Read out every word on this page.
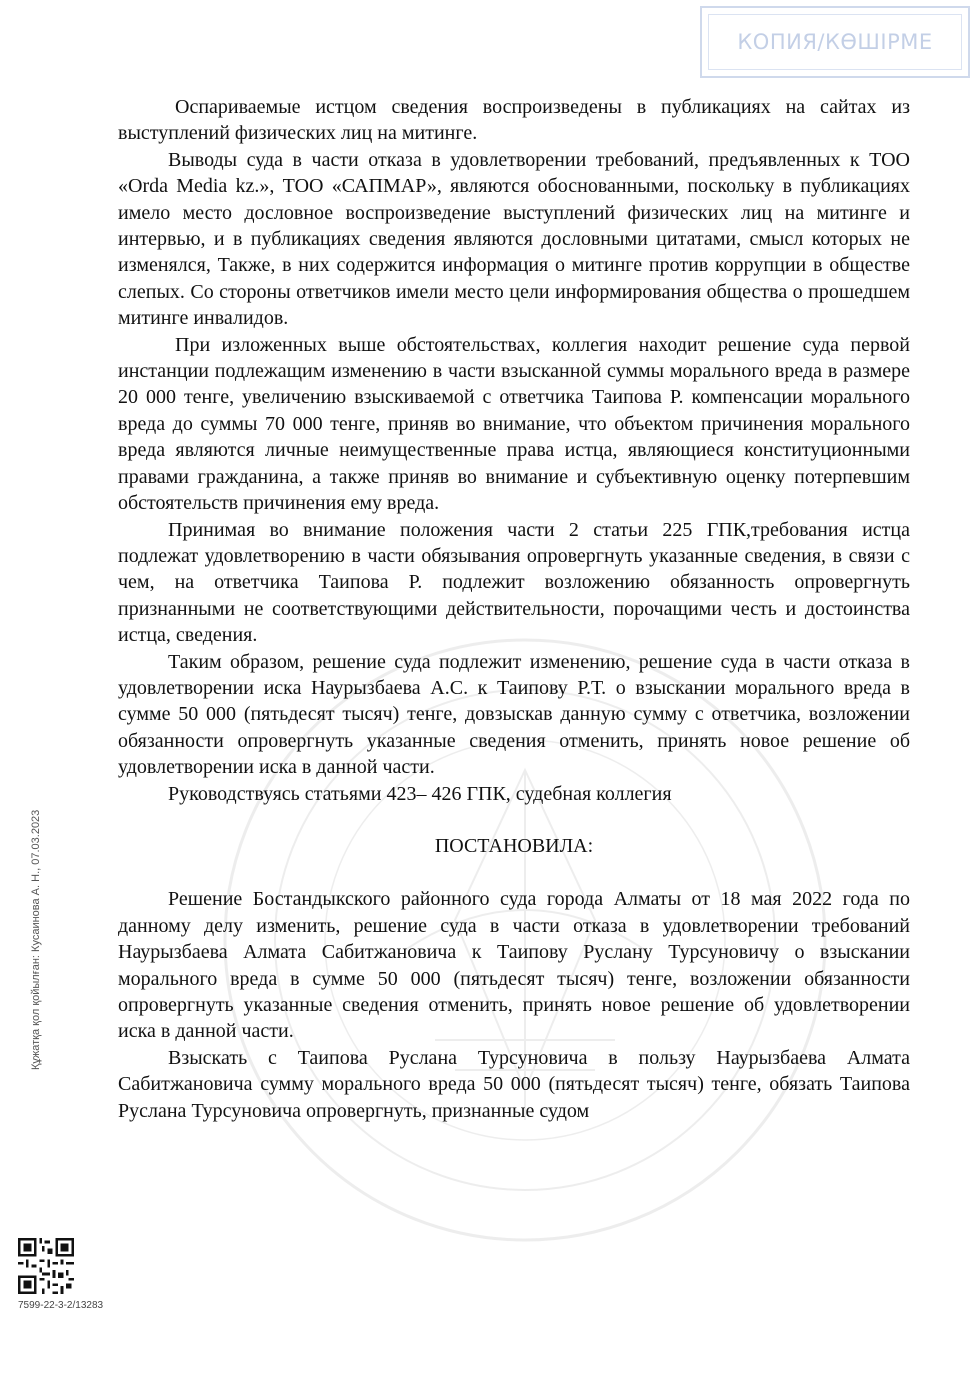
КОПИЯ/КӨШІРМЕ

Оспариваемые истцом сведения воспроизведены в публикациях на сайтах из выступлений физических лиц на митинге.

Выводы суда в части отказа в удовлетворении требований, предъявленных к ТОО «Orda Media kz.», ТОО «САПМАР», являются обоснованными, поскольку в публикациях имело место дословное воспроизведение выступлений физических лиц на митинге и интервью, и в публикациях сведения являются дословными цитатами, смысл которых не изменялся, Также, в них содержится информация о митинге против коррупции в обществе слепых. Со стороны ответчиков имели место цели информирования общества о прошедшем митинге инвалидов.

При изложенных выше обстоятельствах, коллегия находит решение суда первой инстанции подлежащим изменению в части взысканной суммы морального вреда в размере 20 000 тенге, увеличению взыскиваемой с ответчика Таипова Р. компенсации морального вреда до суммы 70 000 тенге, приняв во внимание, что объектом причинения морального вреда являются личные неимущественные права истца, являющиеся конституционными правами гражданина, а также приняв во внимание и субъективную оценку потерпевшим обстоятельств причинения ему вреда.

Принимая во внимание положения части 2 статьи 225 ГПК,требования истца подлежат удовлетворению в части обязывания опровергнуть указанные сведения, в связи с чем, на ответчика Таипова Р. подлежит возложению обязанность опровергнуть признанными не соответствующими действительности, порочащими честь и достоинства истца, сведения.

Таким образом, решение суда подлежит изменению, решение суда в части отказа в удовлетворении иска Наурызбаева А.С. к Таипову Р.Т. о взыскании морального вреда в сумме 50 000 (пятьдесят тысяч) тенге, довзыскав данную сумму с ответчика, возложении обязанности опровергнуть указанные сведения отменить, принять новое решение об удовлетворении иска в данной части.

Руководствуясь статьями 423– 426 ГПК, судебная коллегия

ПОСТАНОВИЛА:

Решение Бостандыкского районного суда города Алматы от 18 мая 2022 года по данному делу изменить, решение суда в части отказа в удовлетворении требований Наурызбаева Алмата Сабитжановича к Таипову Руслану Турсуновичу о взыскании морального вреда в сумме 50 000 (пятьдесят тысяч) тенге, возложении обязанности опровергнуть указанные сведения отменить, принять новое решение об удовлетворении иска в данной части.

Взыскать с Таипова Руслана Турсуновича в пользу Наурызбаева Алмата Сабитжановича сумму морального вреда 50 000 (пятьдесят тысяч) тенге, обязать Таипова Руслана Турсуновича опровергнуть, признанные судом

Құжатқа қол қойылған: Кусаинова А. Н., 07.03.2023
7599-22-3-2/13283
